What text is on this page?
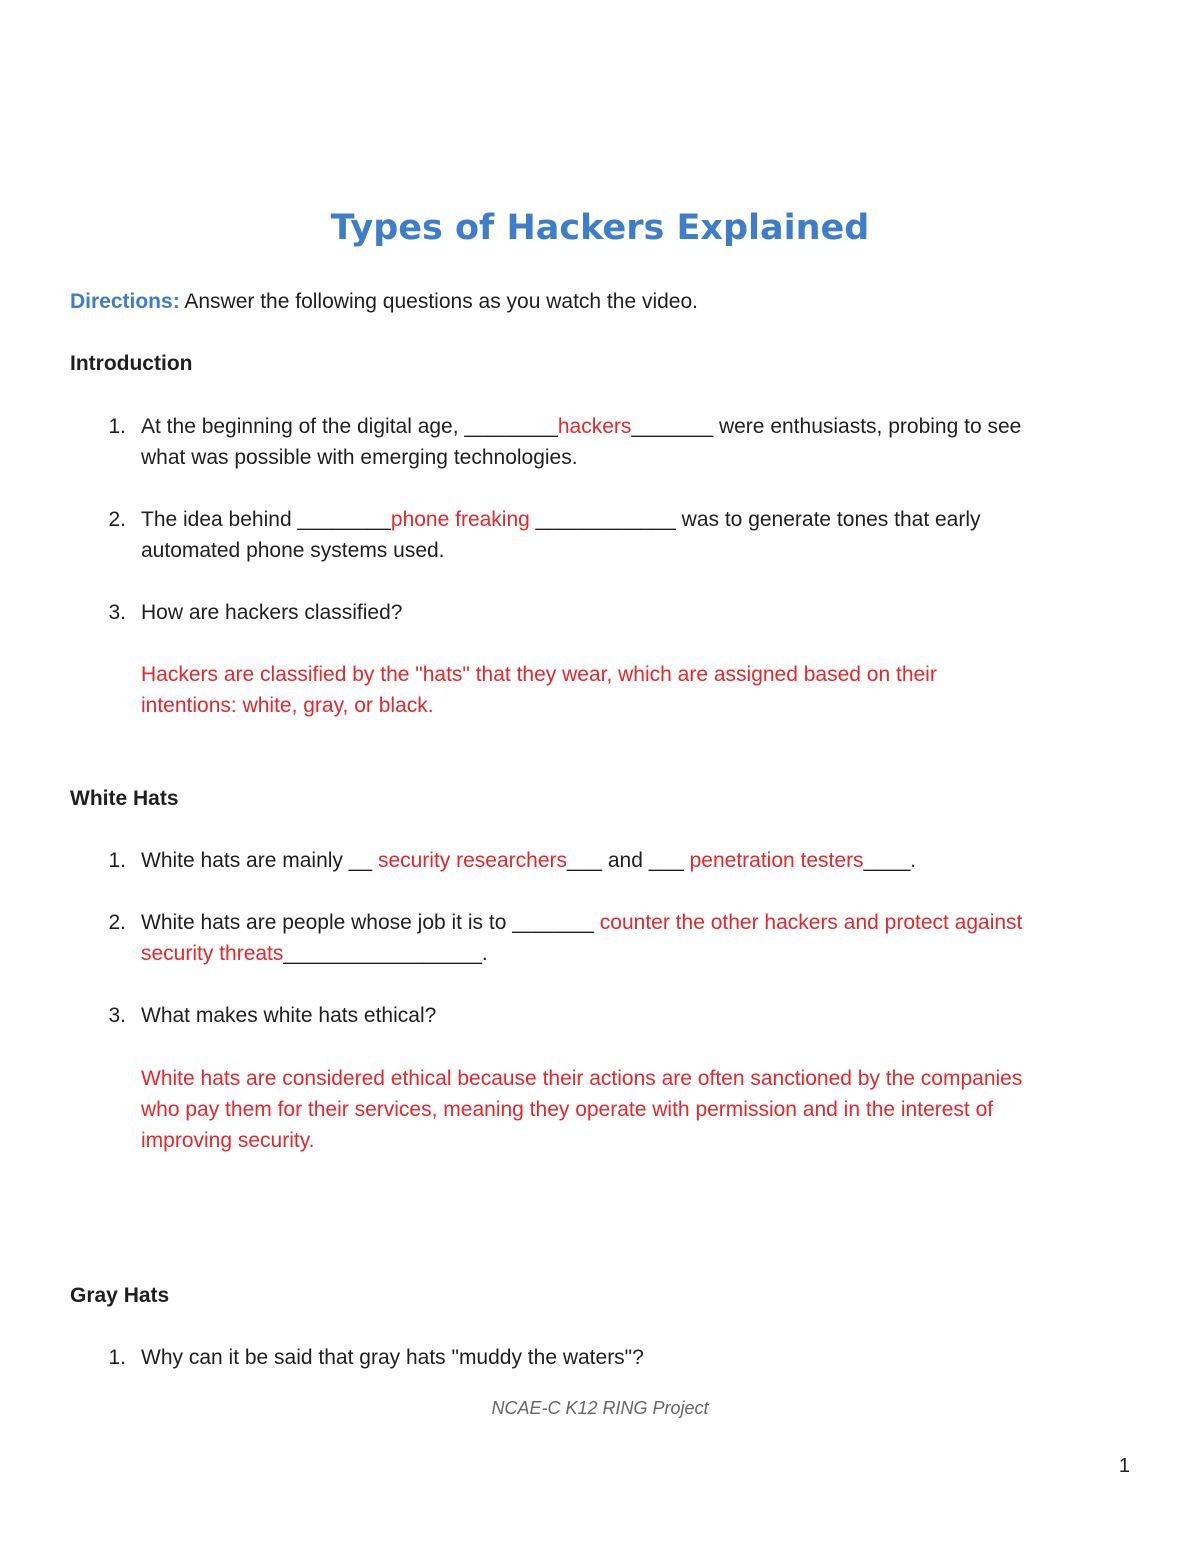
Types of Hackers Explained

Directions: Answer the following questions as you watch the video.

Introduction

1. At the beginning of the digital age, ________hackers_______ were enthusiasts, probing to see

what was possible with emerging technologies.

2. The idea behind ________phone freaking ____________ was to generate tones that early

automated phone systems used.

3. How are hackers classified?

Hackers are classified by the "hats" that they wear, which are assigned based on their

intentions: white, gray, or black.

White Hats

1. White hats are mainly __ security researchers___ and ___ penetration testers____.

2. White hats are people whose job it is to _______ counter the other hackers and protect against

security threats_________________.

3. What makes white hats ethical?

White hats are considered ethical because their actions are often sanctioned by the companies

who pay them for their services, meaning they operate with permission and in the interest of

improving security.

Gray Hats

1. Why can it be said that gray hats "muddy the waters"?

NCAE-C K12 RING Project
1
